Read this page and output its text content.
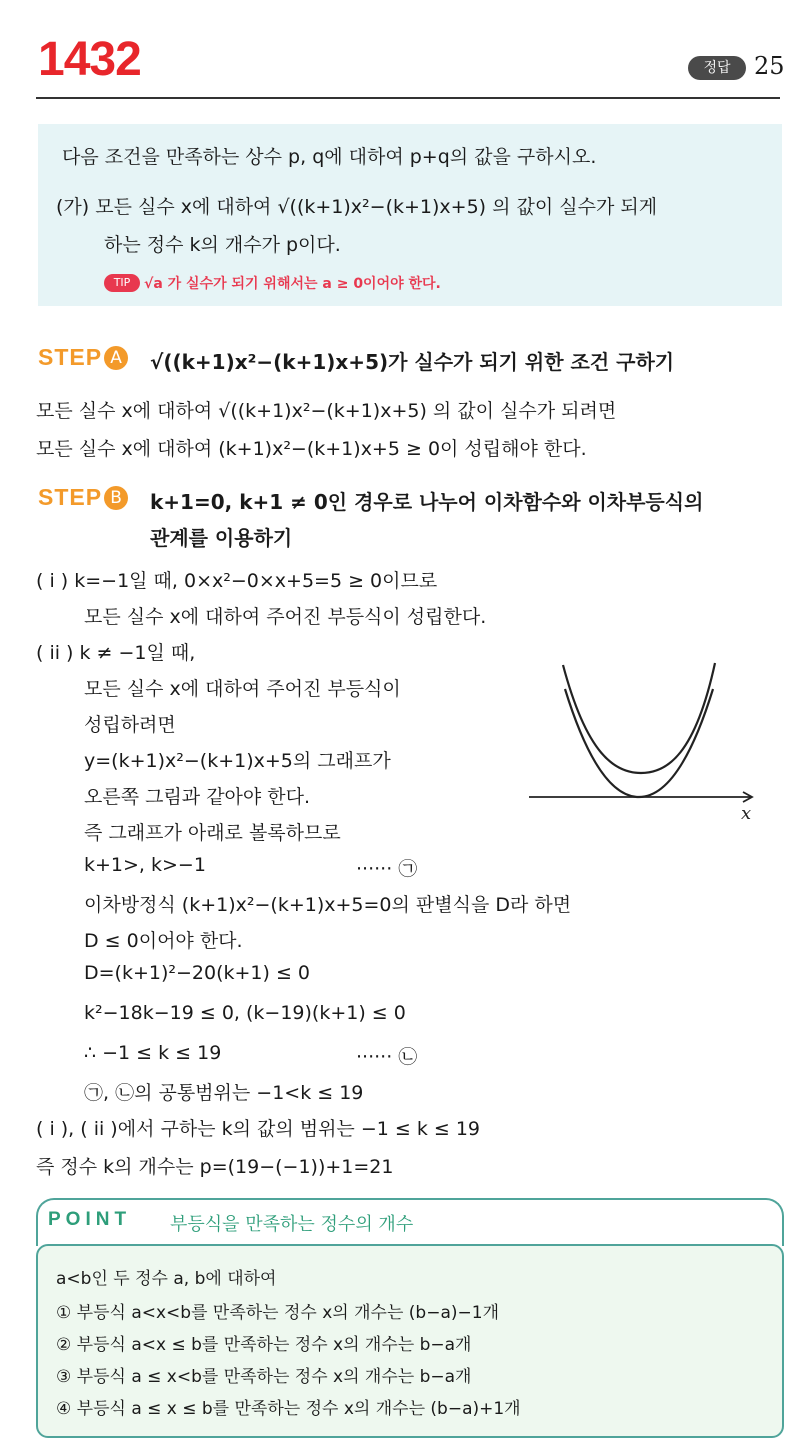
1432	정답 25
다음 조건을 만족하는 상수 p, q에 대하여 p+q의 값을 구하시오.
(가) 모든 실수 x에 대하여 √((k+1)x²−(k+1)x+5) 의 값이 실수가 되게
하는 정수 k의 개수가 p이다.
TIP √a 가 실수가 되기 위해서는 a ≥ 0이어야 한다.
STEP A	√((k+1)x²−(k+1)x+5)가 실수가 되기 위한 조건 구하기
모든 실수 x에 대하여 √((k+1)x²−(k+1)x+5) 의 값이 실수가 되려면
모든 실수 x에 대하여 (k+1)x²−(k+1)x+5 ≥ 0이 성립해야 한다.
STEP B	k+1=0, k+1 ≠ 0인 경우로 나누어 이차함수와 이차부등식의
관계를 이용하기
( i ) k=−1일 때, 0×x²−0×x+5=5 ≥ 0이므로
모든 실수 x에 대하여 주어진 부등식이 성립한다.
( ii ) k ≠ −1일 때,
모든 실수 x에 대하여 주어진 부등식이
성립하려면
y=(k+1)x²−(k+1)x+5의 그래프가
오른쪽 그림과 같아야 한다.
즉 그래프가 아래로 볼록하므로
k+1>, k>−1	······ ㉠
이차방정식 (k+1)x²−(k+1)x+5=0의 판별식을 D라 하면
D ≤ 0이어야 한다.
D=(k+1)²−20(k+1) ≤ 0
k²−18k−19 ≤ 0, (k−19)(k+1) ≤ 0
∴ −1 ≤ k ≤ 19	······ ㉡
㉠, ㉡의 공통범위는 −1<k ≤ 19
( i ), ( ii )에서 구하는 k의 값의 범위는 −1 ≤ k ≤ 19
즉 정수 k의 개수는 p=(19−(−1))+1=21
x
POINT 부등식을 만족하는 정수의 개수
a<b인 두 정수 a, b에 대하여
① 부등식 a<x<b를 만족하는 정수 x의 개수는 (b−a)−1개
② 부등식 a<x ≤ b를 만족하는 정수 x의 개수는 b−a개
③ 부등식 a ≤ x<b를 만족하는 정수 x의 개수는 b−a개
④ 부등식 a ≤ x ≤ b를 만족하는 정수 x의 개수는 (b−a)+1개
